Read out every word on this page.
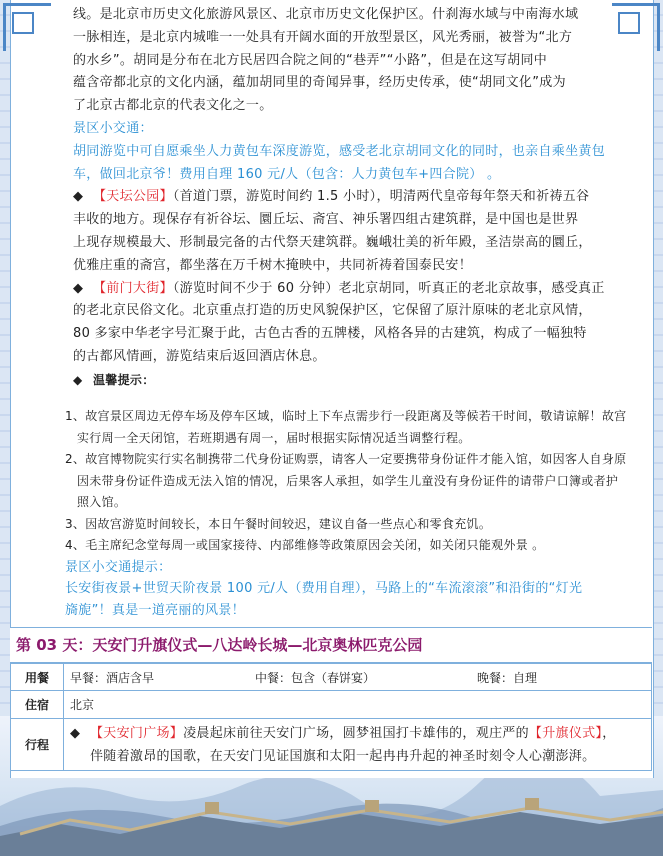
线。是北京市历史文化旅游风景区、北京市历史文化保护区。什刹海水域与中南海水域

一脉相连，是北京内城唯一一处具有开阔水面的开放型景区，风光秀丽，被誉为“北方

的水乡”。胡同是分布在北方民居四合院之间的“巷弄”“小路”，但是在这写胡同中

蕴含帝都北京的文化内涵，蕴加胡同里的奇闻异事，经历史传承，使“胡同文化”成为

了北京古都北京的代表文化之一。

景区小交通：

胡同游览中可自愿乘坐人力黄包车深度游览，感受老北京胡同文化的同时，也亲自乘坐黄包

车，做回北京爷！费用自理 160 元/人（包含：人力黄包车+四合院） 。

◆ 【天坛公园】（首道门票，游览时间约 1.5 小时），明清两代皇帝每年祭天和祈祷五谷

丰收的地方。现保存有祈谷坛、圜丘坛、斋宫、神乐署四组古建筑群，是中国也是世界

上现存规模最大、形制最完备的古代祭天建筑群。巍峨壮美的祈年殿，圣洁崇高的圜丘，

优雅庄重的斋宫，都坐落在万千树木掩映中，共同祈祷着国泰民安！

◆ 【前门大街】（游览时间不少于 60 分钟）老北京胡同，听真正的老北京故事，感受真正

的老北京民俗文化。北京重点打造的历史风貌保护区，它保留了原汁原味的老北京风情，

80 多家中华老字号汇聚于此，古色古香的五牌楼，风格各异的古建筑，构成了一幅独特

的古都风情画，游览结束后返回酒店休息。

◆ 温馨提示：

1、故宫景区周边无停车场及停车区域，临时上下车点需步行一段距离及等候若干时间，敬请谅解！故宫

实行周一全天闭馆，若班期遇有周一，届时根据实际情况适当调整行程。

2、故宫博物院实行实名制携带二代身份证购票，请客人一定要携带身份证件才能入馆，如因客人自身原

因未带身份证件造成无法入馆的情况，后果客人承担，如学生儿童没有身份证件的请带户口簿或者护

照入馆。

3、因故宫游览时间较长，本日午餐时间较迟，建议自备一些点心和零食充饥。

4、毛主席纪念堂每周一或国家接待、内部维修等政策原因会关闭，如关闭只能观外景 。

景区小交通提示：

长安街夜景+世贸天阶夜景 100 元/人（费用自理），马路上的“车流滚滚”和沿街的“灯光

旖旎”！真是一道亮丽的风景！

第 03 天：天安门升旗仪式—八达岭长城—北京奥林匹克公园
用餐	早餐：酒店含早 中餐：包含（春饼宴） 晚餐：自理

住宿	北京
行程	◆ 【天安门广场】凌晨起床前往天安门广场，圆梦祖国打卡雄伟的，观庄严的【升旗仪式】，
伴随着激昂的国歌，在天安门见证国旗和太阳一起冉冉升起的神圣时刻令人心潮澎湃。
